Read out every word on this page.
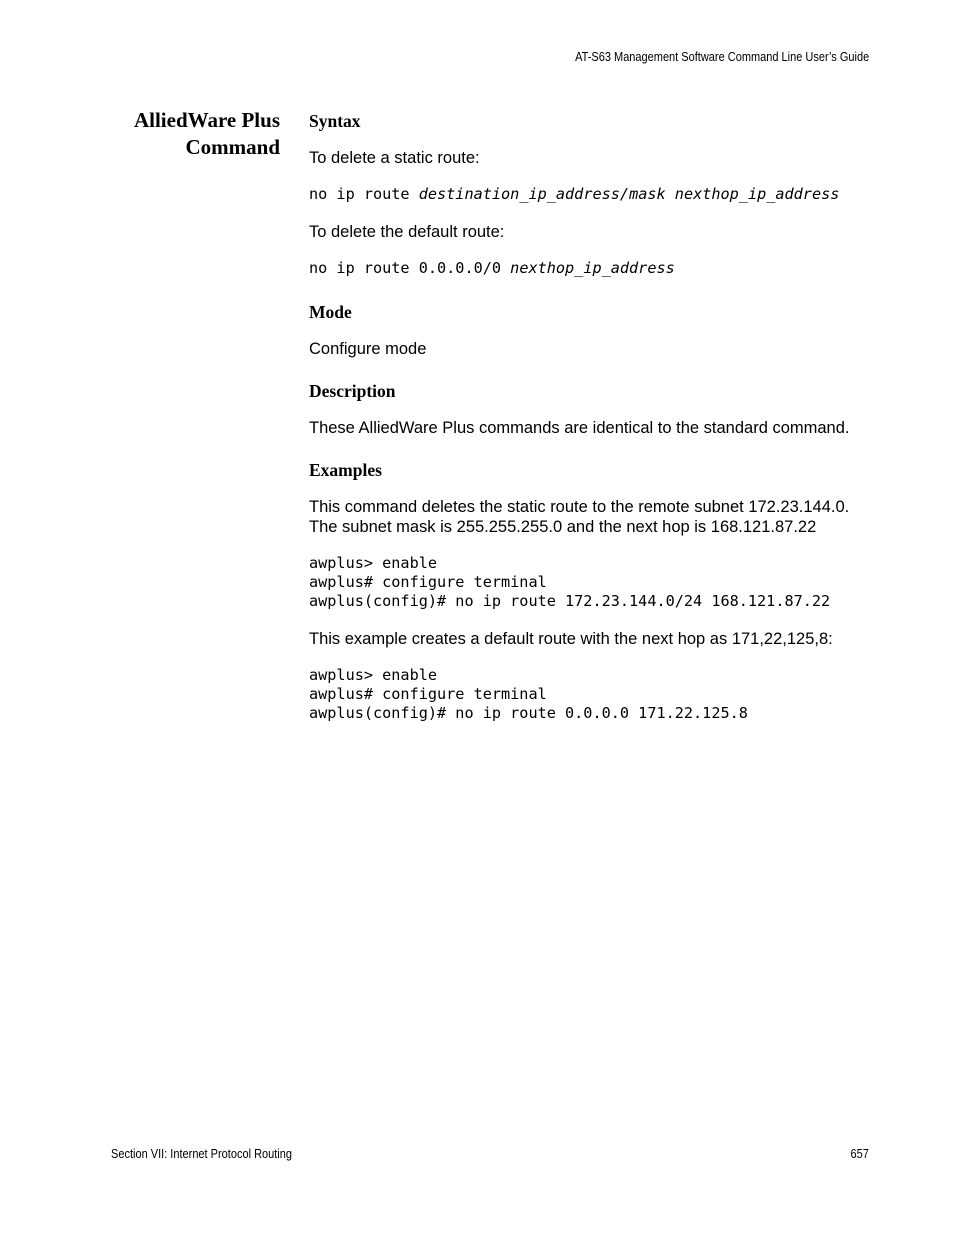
AT-S63 Management Software Command Line User’s Guide
AlliedWare Plus
Command
Syntax

To delete a static route:

no ip route destination_ip_address/mask nexthop_ip_address

To delete the default route:

no ip route 0.0.0.0/0 nexthop_ip_address
Mode

Configure mode

Description

These AlliedWare Plus commands are identical to the standard command.

Examples

This command deletes the static route to the remote subnet 172.23.144.0.

The subnet mask is 255.255.255.0 and the next hop is 168.121.87.22

awplus> enable
awplus# configure terminal
awplus(config)# no ip route 172.23.144.0/24 168.121.87.22

This example creates a default route with the next hop as 171,22,125,8:

awplus> enable
awplus# configure terminal
awplus(config)# no ip route 0.0.0.0 171.22.125.8
Section VII: Internet Protocol Routing	657
